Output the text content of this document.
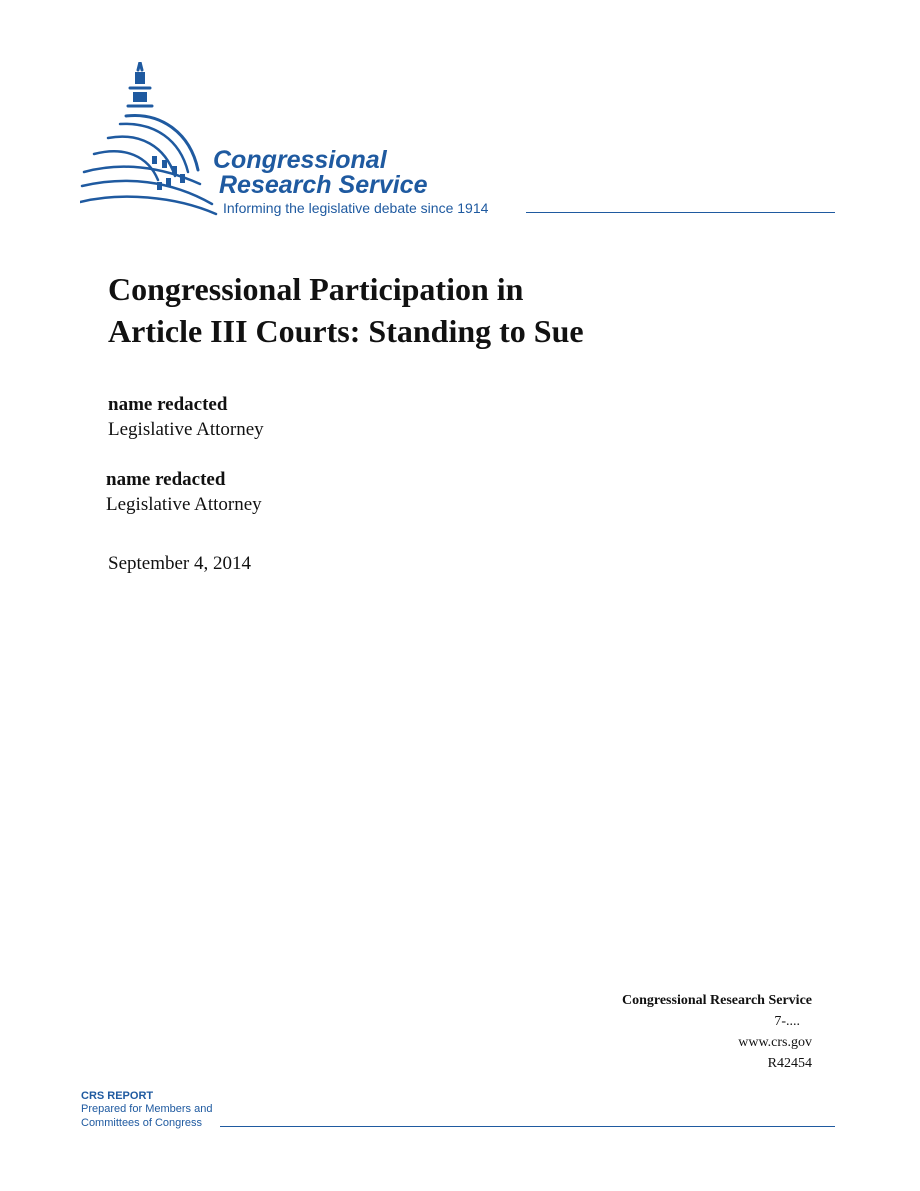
Congressional
Research Service
Informing the legislative debate since 1914
Congressional Participation in
Article III Courts: Standing to Sue
name redacted
Legislative Attorney
name redacted
Legislative Attorney
September 4, 2014
Congressional Research Service
7-....
www.crs.gov
R42454
CRS REPORT
Prepared for Members and
Committees of Congress
